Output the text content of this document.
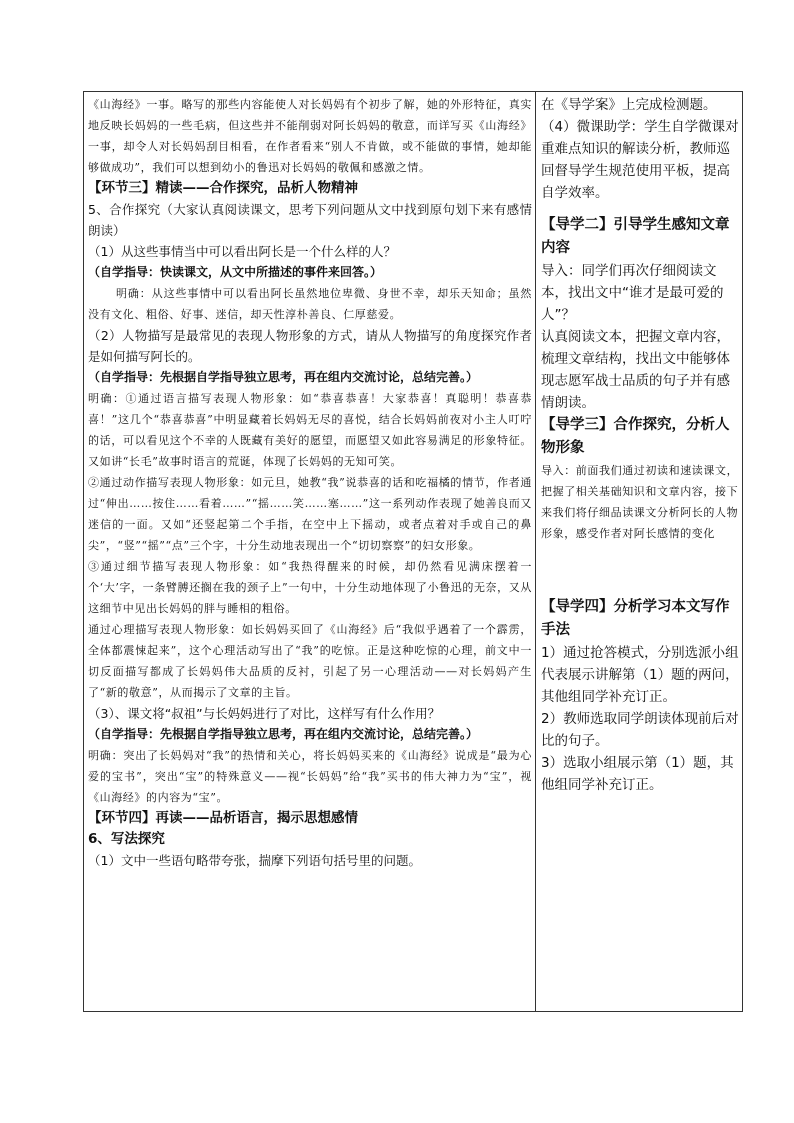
《山海经》一事。略写的那些内容能使人对长妈妈有个初步了解，她的外形特征，真实地反映长妈妈的一些毛病，但这些并不能削弱对阿长妈妈的敬意，而详写买《山海经》一事，却令人对长妈妈刮目相看，在作者看来“别人不肯做，或不能做的事情，她却能够做成功”，我们可以想到幼小的鲁迅对长妈妈的敬佩和感激之情。

【环节三】精读——合作探究，品析人物精神

5、合作探究（大家认真阅读课文，思考下列问题从文中找到原句划下来有感情朗读）

（1）从这些事情当中可以看出阿长是一个什么样的人？

（自学指导：快读课文，从文中所描述的事件来回答。）

明确：从这些事情中可以看出阿长虽然地位卑微、身世不幸，却乐天知命；虽然没有文化、粗俗、好事、迷信，却天性淳朴善良、仁厚慈爱。

（2）人物描写是最常见的表现人物形象的方式，请从人物描写的角度探究作者是如何描写阿长的。

（自学指导：先根据自学指导独立思考，再在组内交流讨论，总结完善。）

明确：①通过语言描写表现人物形象：如“恭喜恭喜！大家恭喜！真聪明！恭喜恭喜！”这几个“恭喜恭喜”中明显藏着长妈妈无尽的喜悦，结合长妈妈前夜对小主人叮咛的话，可以看见这个不幸的人既藏有美好的愿望，而愿望又如此容易满足的形象特征。又如讲“长毛”故事时语言的荒诞，体现了长妈妈的无知可笑。

②通过动作描写表现人物形象：如元旦，她教“我”说恭喜的话和吃福橘的情节，作者通过“伸出……按住……看着……”“摇……笑……塞……”这一系列动作表现了她善良而又迷信的一面。又如“还竖起第二个手指，在空中上下摇动，或者点着对手或自己的鼻尖”，“竖”“摇”“点”三个字，十分生动地表现出一个“切切察察”的妇女形象。

③通过细节描写表现人物形象：如“我热得醒来的时候，却仍然看见满床摆着一个‘大’字，一条臂膊还搁在我的颈子上”一句中，十分生动地体现了小鲁迅的无奈，又从这细节中见出长妈妈的胖与睡相的粗俗。

通过心理描写表现人物形象：如长妈妈买回了《山海经》后“我似乎遇着了一个霹雳，全体都震悚起来”，这个心理活动写出了“我”的吃惊。正是这种吃惊的心理，前文中一切反面描写都成了长妈妈伟大品质的反衬，引起了另一心理活动——对长妈妈产生了“新的敬意”，从而揭示了文章的主旨。

（3）、课文将“叔祖”与长妈妈进行了对比，这样写有什么作用？

（自学指导：先根据自学指导独立思考，再在组内交流讨论，总结完善。）

明确：突出了长妈妈对“我”的热情和关心，将长妈妈买来的《山海经》说成是“最为心爱的宝书”，突出“宝”的特殊意义——视“长妈妈”给“我”买书的伟大神力为“宝”，视《山海经》的内容为“宝”。

【环节四】再读——品析语言，揭示思想感情

6、写法探究

（1）文中一些语句略带夸张，揣摩下列语句括号里的问题。

在《导学案》上完成检测题。

（4）微课助学：学生自学微课对重难点知识的解读分析，教师巡回督导学生规范使用平板，提高自学效率。

【导学二】引导学生感知文章内容

导入：同学们再次仔细阅读文本，找出文中“谁才是最可爱的人”？

认真阅读文本，把握文章内容，梳理文章结构，找出文中能够体现志愿军战士品质的句子并有感情朗读。

【导学三】合作探究，分析人物形象

导入：前面我们通过初读和速读课文，把握了相关基础知识和文章内容，接下来我们将仔细品读课文分析阿长的人物形象，感受作者对阿长感情的变化

【导学四】分析学习本文写作手法

1）通过抢答模式，分别选派小组代表展示讲解第（1）题的两问，其他组同学补充订正。

2）教师选取同学朗读体现前后对比的句子。

3）选取小组展示第（1）题，其他组同学补充订正。
